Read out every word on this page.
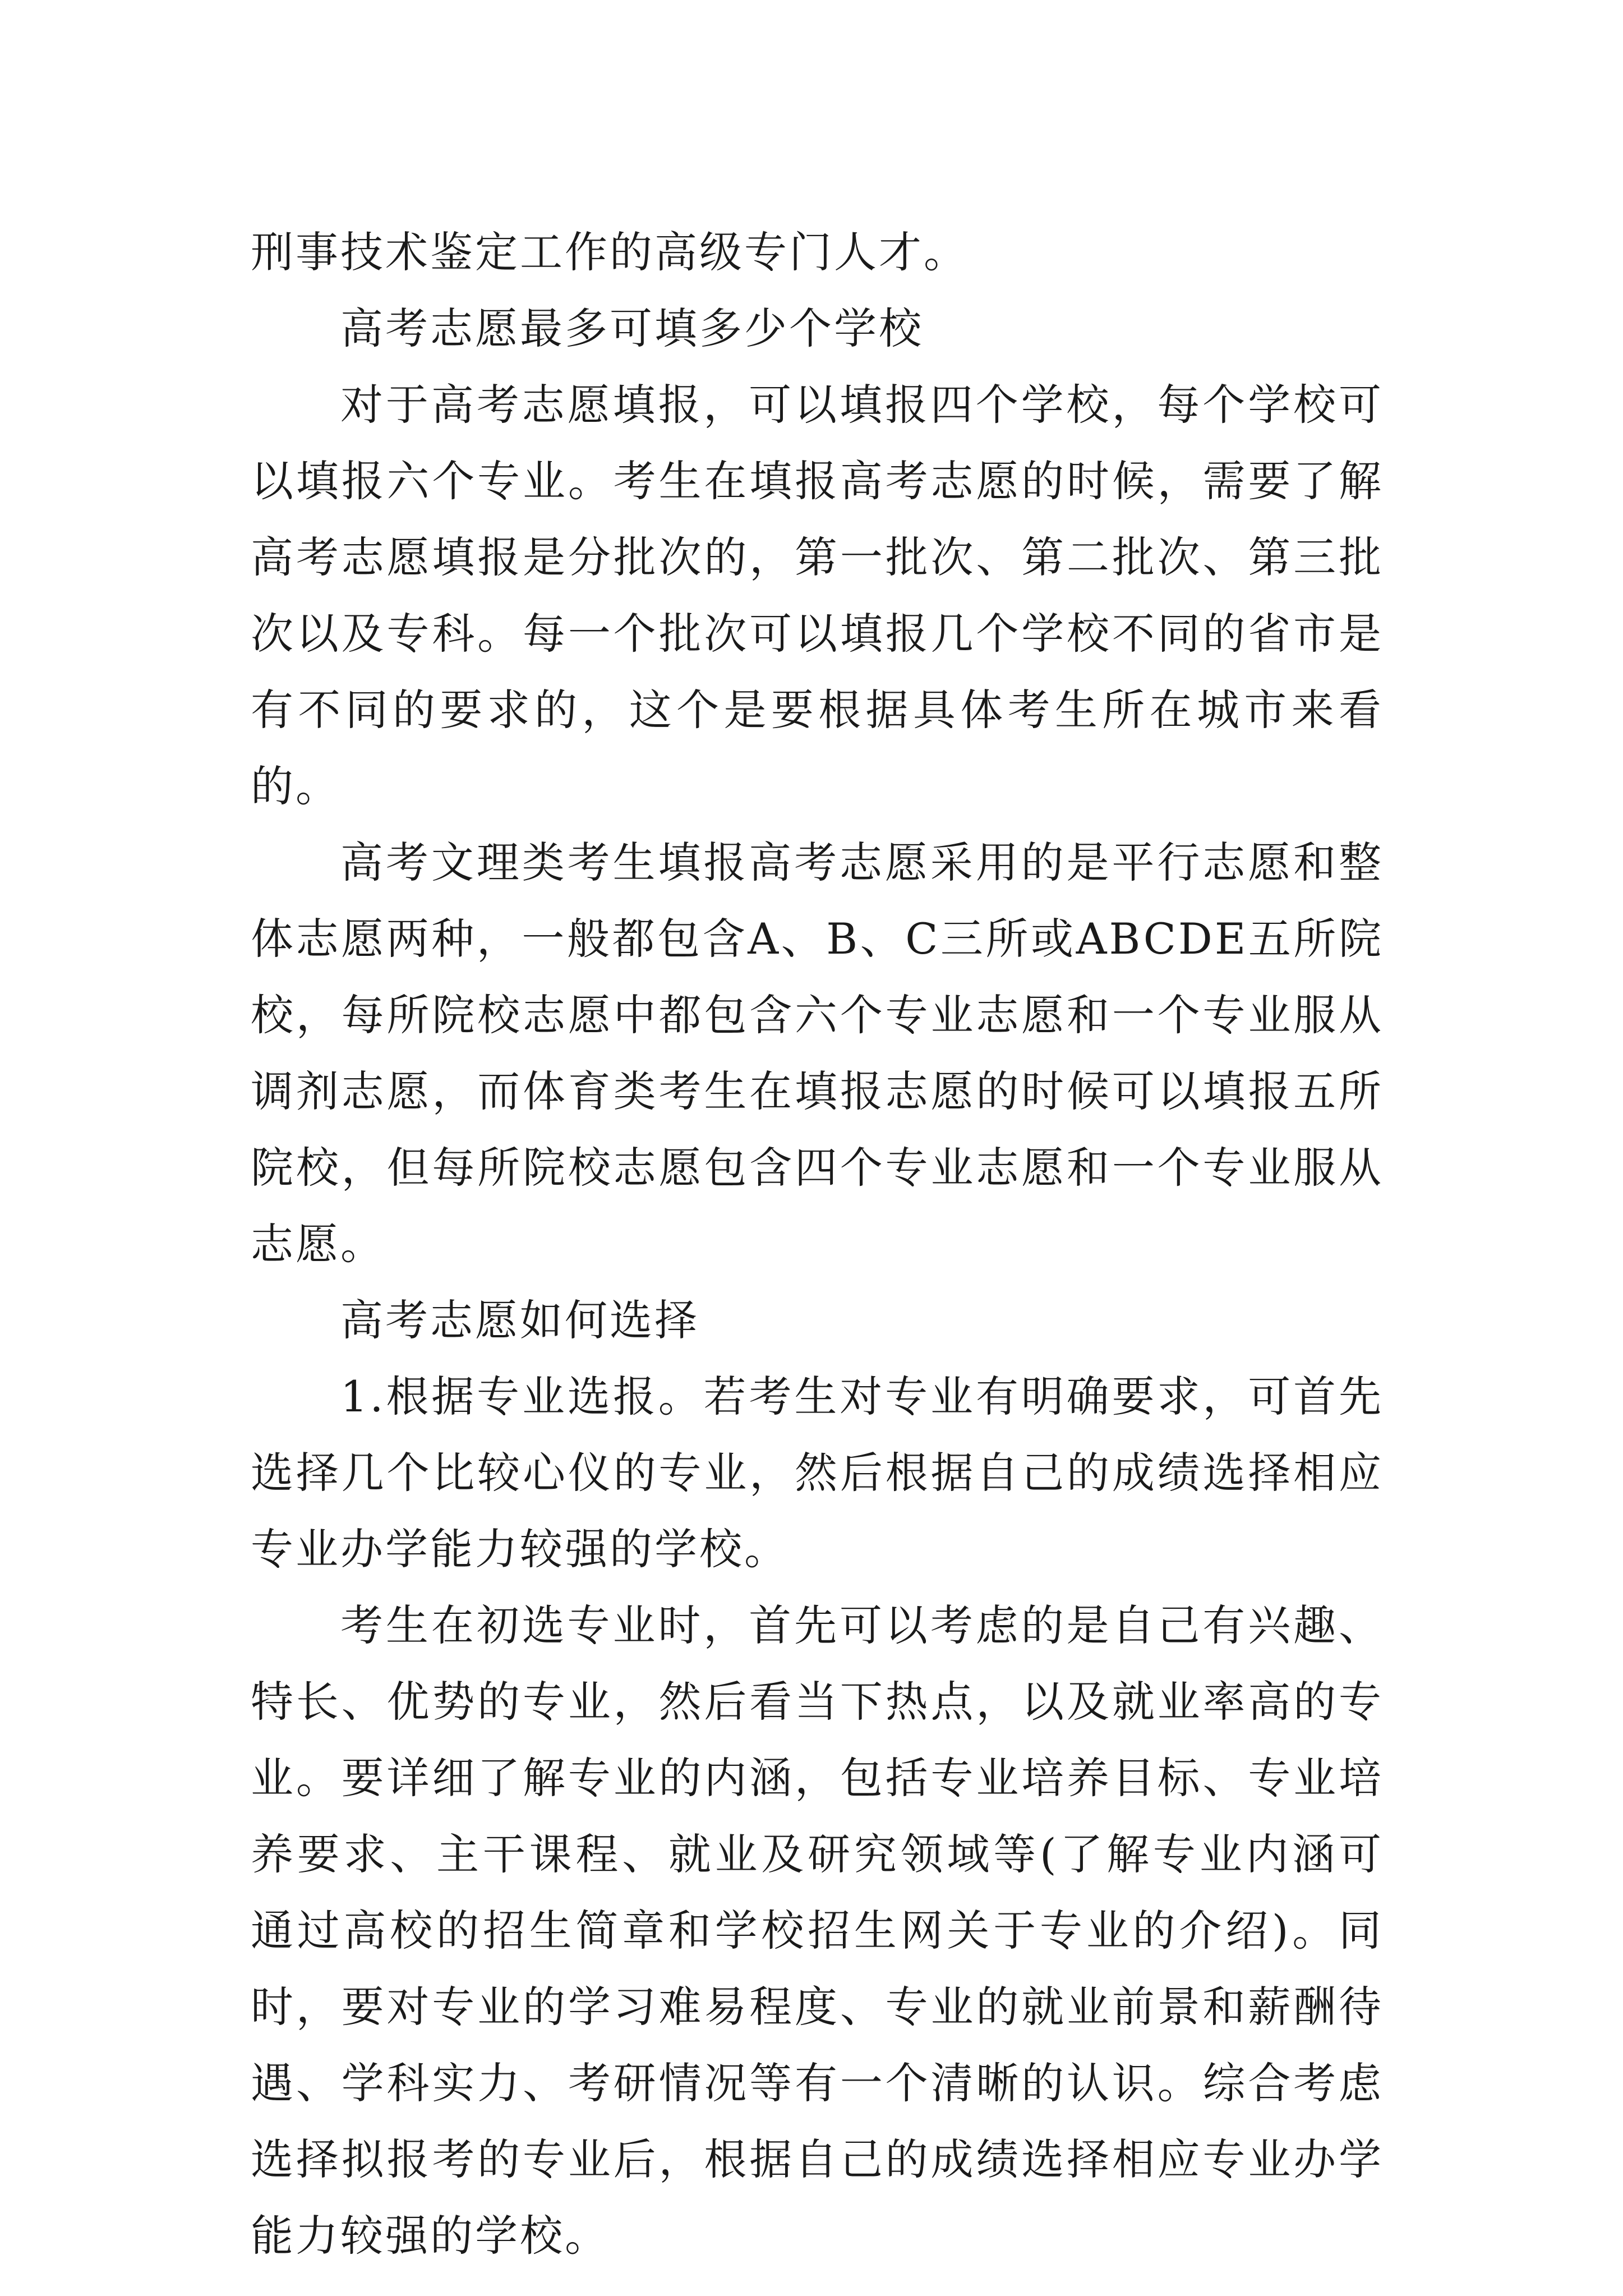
刑事技术鉴定工作的高级专门人才。

高考志愿最多可填多少个学校

对于高考志愿填报，可以填报四个学校，每个学校可以填报六个专业。考生在填报高考志愿的时候，需要了解高考志愿填报是分批次的，第一批次、第二批次、第三批次以及专科。每一个批次可以填报几个学校不同的省市是有不同的要求的，这个是要根据具体考生所在城市来看的。

高考文理类考生填报高考志愿采用的是平行志愿和整体志愿两种，一般都包含A、B、C三所或ABCDE五所院校，每所院校志愿中都包含六个专业志愿和一个专业服从调剂志愿，而体育类考生在填报志愿的时候可以填报五所院校，但每所院校志愿包含四个专业志愿和一个专业服从志愿。

高考志愿如何选择

1.根据专业选报。若考生对专业有明确要求，可首先选择几个比较心仪的专业，然后根据自己的成绩选择相应专业办学能力较强的学校。

考生在初选专业时，首先可以考虑的是自己有兴趣、特长、优势的专业，然后看当下热点，以及就业率高的专业。要详细了解专业的内涵，包括专业培养目标、专业培养要求、主干课程、就业及研究领域等(了解专业内涵可通过高校的招生简章和学校招生网关于专业的介绍)。同时，要对专业的学习难易程度、专业的就业前景和薪酬待遇、学科实力、考研情况等有一个清晰的认识。综合考虑选择拟报考的专业后，根据自己的成绩选择相应专业办学能力较强的学校。
